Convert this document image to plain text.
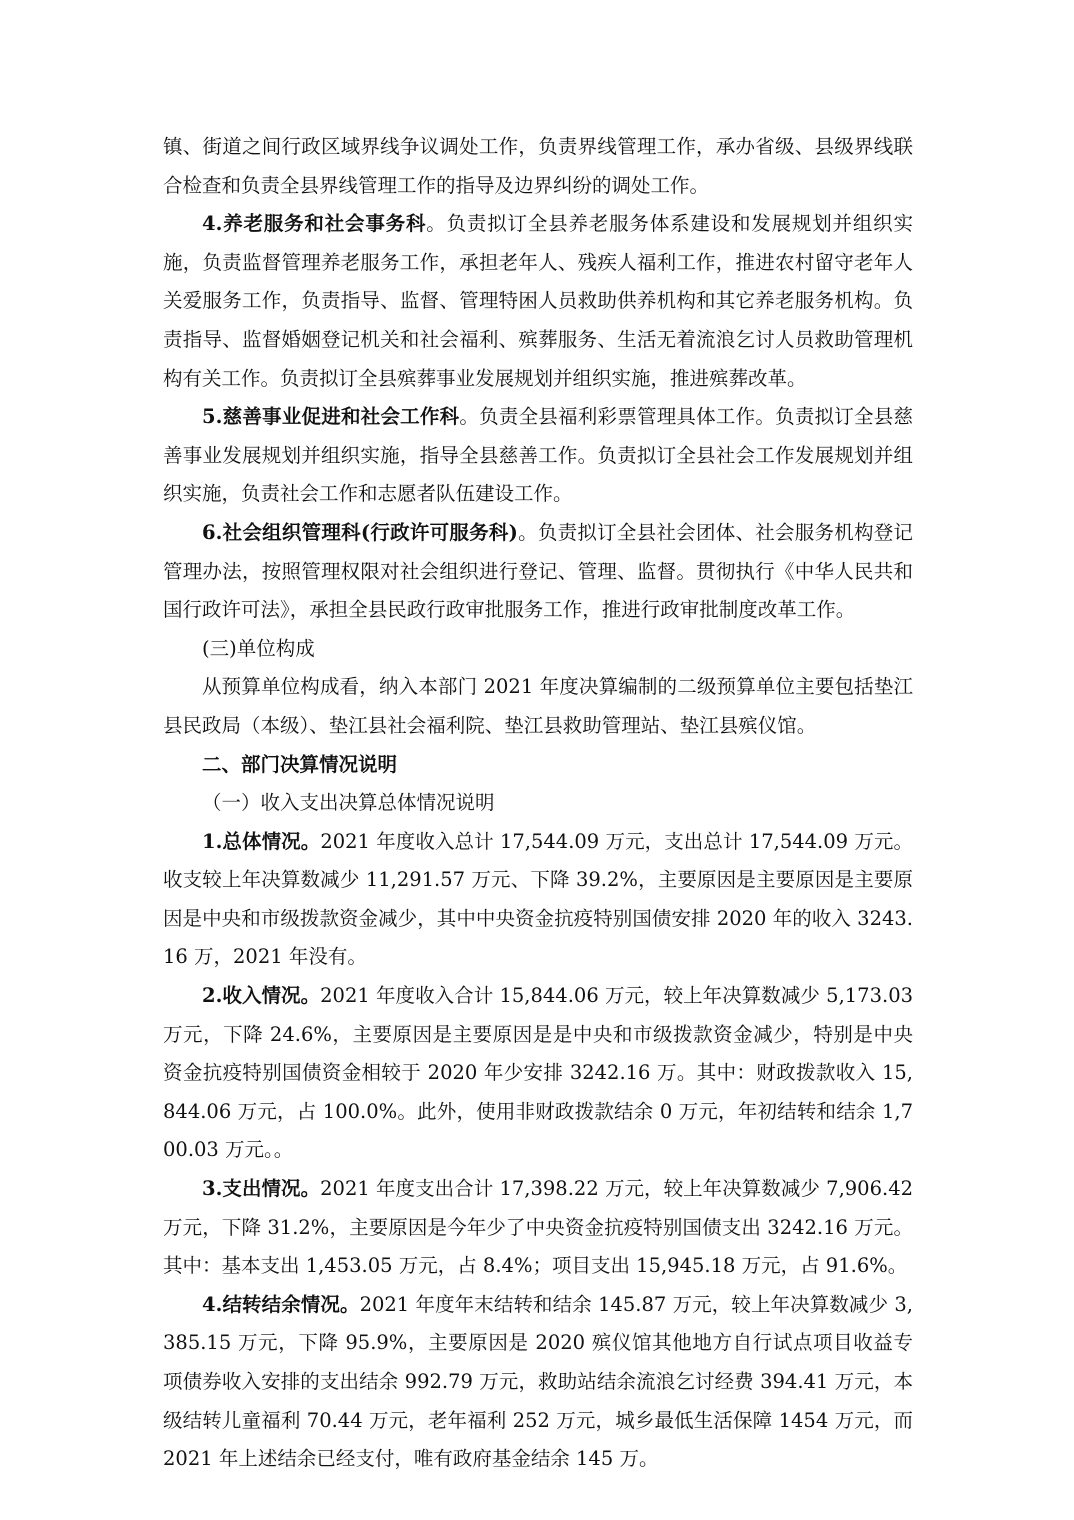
镇、街道之间行政区域界线争议调处工作，负责界线管理工作，承办省级、县级界线联合检查和负责全县界线管理工作的指导及边界纠纷的调处工作。

4.养老服务和社会事务科。负责拟订全县养老服务体系建设和发展规划并组织实施，负责监督管理养老服务工作，承担老年人、残疾人福利工作，推进农村留守老年人关爱服务工作，负责指导、监督、管理特困人员救助供养机构和其它养老服务机构。负责指导、监督婚姻登记机关和社会福利、殡葬服务、生活无着流浪乞讨人员救助管理机构有关工作。负责拟订全县殡葬事业发展规划并组织实施，推进殡葬改革。

5.慈善事业促进和社会工作科。负责全县福利彩票管理具体工作。负责拟订全县慈善事业发展规划并组织实施，指导全县慈善工作。负责拟订全县社会工作发展规划并组织实施，负责社会工作和志愿者队伍建设工作。

6.社会组织管理科(行政许可服务科)。负责拟订全县社会团体、社会服务机构登记管理办法，按照管理权限对社会组织进行登记、管理、监督。贯彻执行《中华人民共和国行政许可法》，承担全县民政行政审批服务工作，推进行政审批制度改革工作。

(三)单位构成

从预算单位构成看，纳入本部门 2021 年度决算编制的二级预算单位主要包括垫江县民政局（本级）、垫江县社会福利院、垫江县救助管理站、垫江县殡仪馆。

二、部门决算情况说明

（一）收入支出决算总体情况说明

1.总体情况。2021 年度收入总计 17,544.09 万元，支出总计 17,544.09 万元。收支较上年决算数减少 11,291.57 万元、下降 39.2%，主要原因是主要原因是主要原因是中央和市级拨款资金减少，其中中央资金抗疫特别国债安排 2020 年的收入 3243.16 万，2021 年没有。

2.收入情况。2021 年度收入合计 15,844.06 万元，较上年决算数减少 5,173.03 万元，下降 24.6%，主要原因是主要原因是是中央和市级拨款资金减少，特别是中央资金抗疫特别国债资金相较于 2020 年少安排 3242.16 万。其中：财政拨款收入 15,844.06 万元，占 100.0%。此外，使用非财政拨款结余 0 万元，年初结转和结余 1,700.03 万元。。

3.支出情况。2021 年度支出合计 17,398.22 万元，较上年决算数减少 7,906.42 万元，下降 31.2%，主要原因是今年少了中央资金抗疫特别国债支出 3242.16 万元。其中：基本支出 1,453.05 万元，占 8.4%；项目支出 15,945.18 万元，占 91.6%。

4.结转结余情况。2021 年度年末结转和结余 145.87 万元，较上年决算数减少 3,385.15 万元，下降 95.9%，主要原因是 2020 殡仪馆其他地方自行试点项目收益专项债券收入安排的支出结余 992.79 万元，救助站结余流浪乞讨经费 394.41 万元，本级结转儿童福利 70.44 万元，老年福利 252 万元，城乡最低生活保障 1454 万元，而 2021 年上述结余已经支付，唯有政府基金结余 145 万。
